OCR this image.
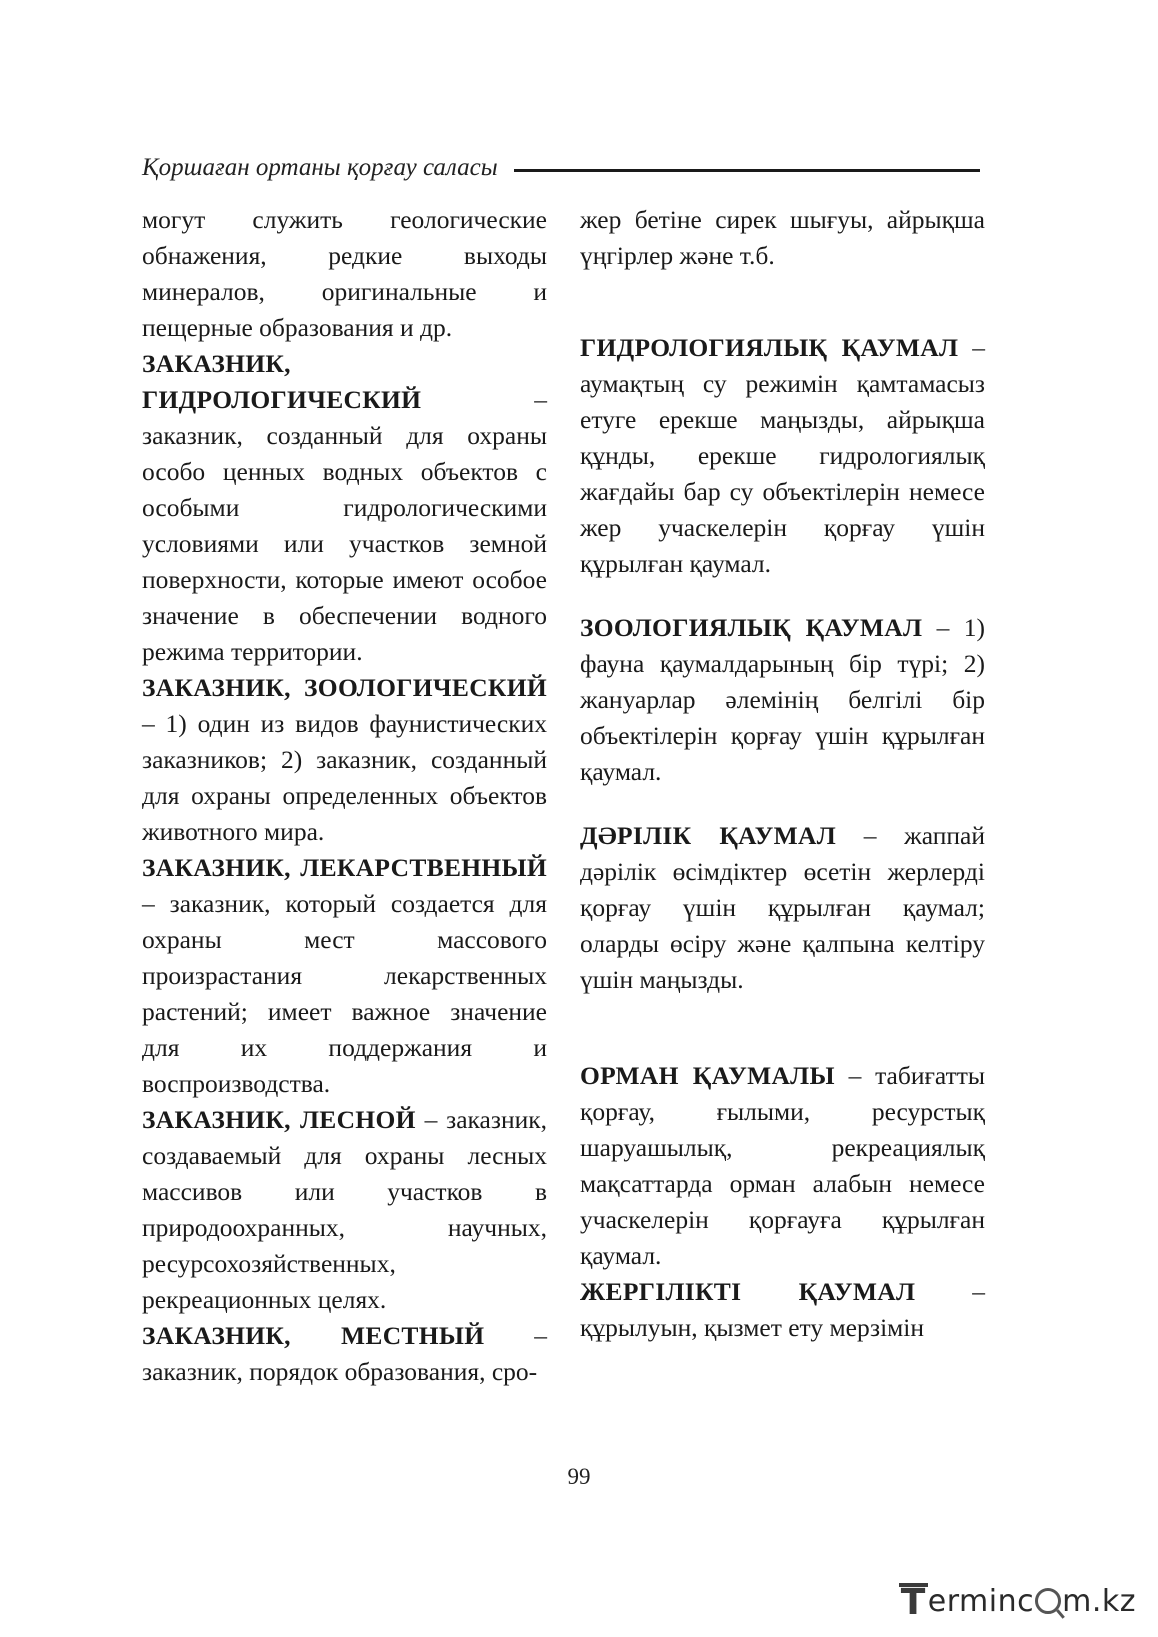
Қоршаған ортаны қорғау саласы

могут служить геологические обнажения, редкие выходы минералов, оригинальные и пещерные образования и др.

ЗАКАЗНИК, ГИДРОЛОГИЧЕСКИЙ – заказник, созданный для охраны особо ценных водных объектов с особыми гидрологическими условиями или участков земной поверхности, которые имеют особое значение в обеспечении водного режима территории.

ЗАКАЗНИК, ЗООЛОГИЧЕСКИЙ – 1) один из видов фаунистических заказников; 2) заказник, созданный для охраны определенных объектов животного мира.

ЗАКАЗНИК, ЛЕКАРСТВЕННЫЙ – заказник, который создается для охраны мест массового произрастания лекарственных растений; имеет важное значение для их поддержания и воспроизводства.

ЗАКАЗНИК, ЛЕСНОЙ – заказник, создаваемый для охраны лесных массивов или участков в природоохранных, научных, ресурсохозяйственных, рекреационных целях.

ЗАКАЗНИК, МЕСТНЫЙ – заказник, порядок образования, сро-

жер бетіне сирек шығуы, айрықша үңгірлер және т.б.

ГИДРОЛОГИЯЛЫҚ ҚАУМАЛ – аумақтың су режимін қамтамасыз етуге ерекше маңызды, айрықша құнды, ерекше гидрологиялық жағдайы бар су объектілерін немесе жер учаскелерін қорғау үшін құрылған қаумал.

ЗООЛОГИЯЛЫҚ ҚАУМАЛ – 1) фауна қаумалдарының бір түрі; 2) жануарлар әлемінің белгілі бір объектілерін қорғау үшін құрылған қаумал.

ДӘРІЛІК ҚАУМАЛ – жаппай дәрілік өсімдіктер өсетін жерлерді қорғау үшін құрылған қаумал; оларды өсіру және қалпына келтіру үшін маңызды.

ОРМАН ҚАУМАЛЫ – табиғатты қорғау, ғылыми, ресурстық шаруашылық, рекреациялық мақсаттарда орман алабын немесе учаскелерін қорғауға құрылған қаумал.

ЖЕРГІЛІКТІ ҚАУМАЛ – құрылуын, қызмет ету мерзімін

99
T erminc m.kz
